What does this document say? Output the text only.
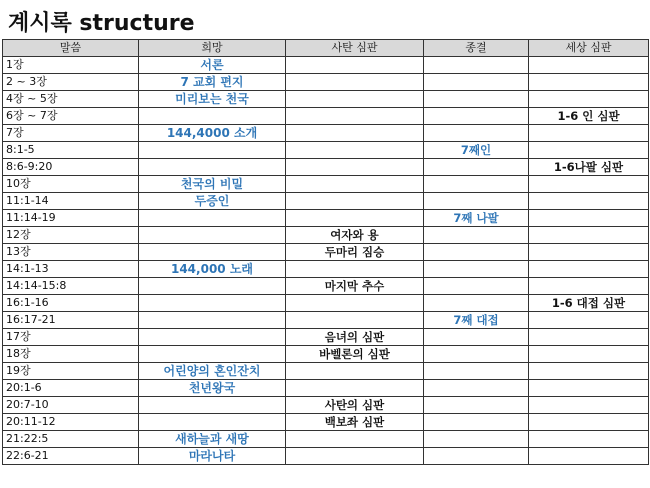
계시록 structure
말씀	희망	사탄 심판	종결	세상 심판
1장	서론			
2 ~ 3장	7 교회 편지			
4장 ~ 5장	미리보는 천국			
6장 ~ 7장				1-6 인 심판
7장	144,4000 소개			
8:1-5			7째인	
8:6-9:20				1-6나팔 심판
10장	천국의 비밀			
11:1-14	두증인			
11:14-19			7째 나팔	
12장		여자와 용		
13장		두마리 짐승		
14:1-13	144,000 노래			
14:14-15:8		마지막 추수		
16:1-16				1-6 대접 심판
16:17-21			7째 대접	
17장		음녀의 심판		
18장		바벨론의 심판		
19장	어린양의 혼인잔치			
20:1-6	천년왕국			
20:7-10		사탄의 심판		
20:11-12		백보좌 심판		
21:22:5	새하늘과 새땅			
22:6-21	마라나타			
